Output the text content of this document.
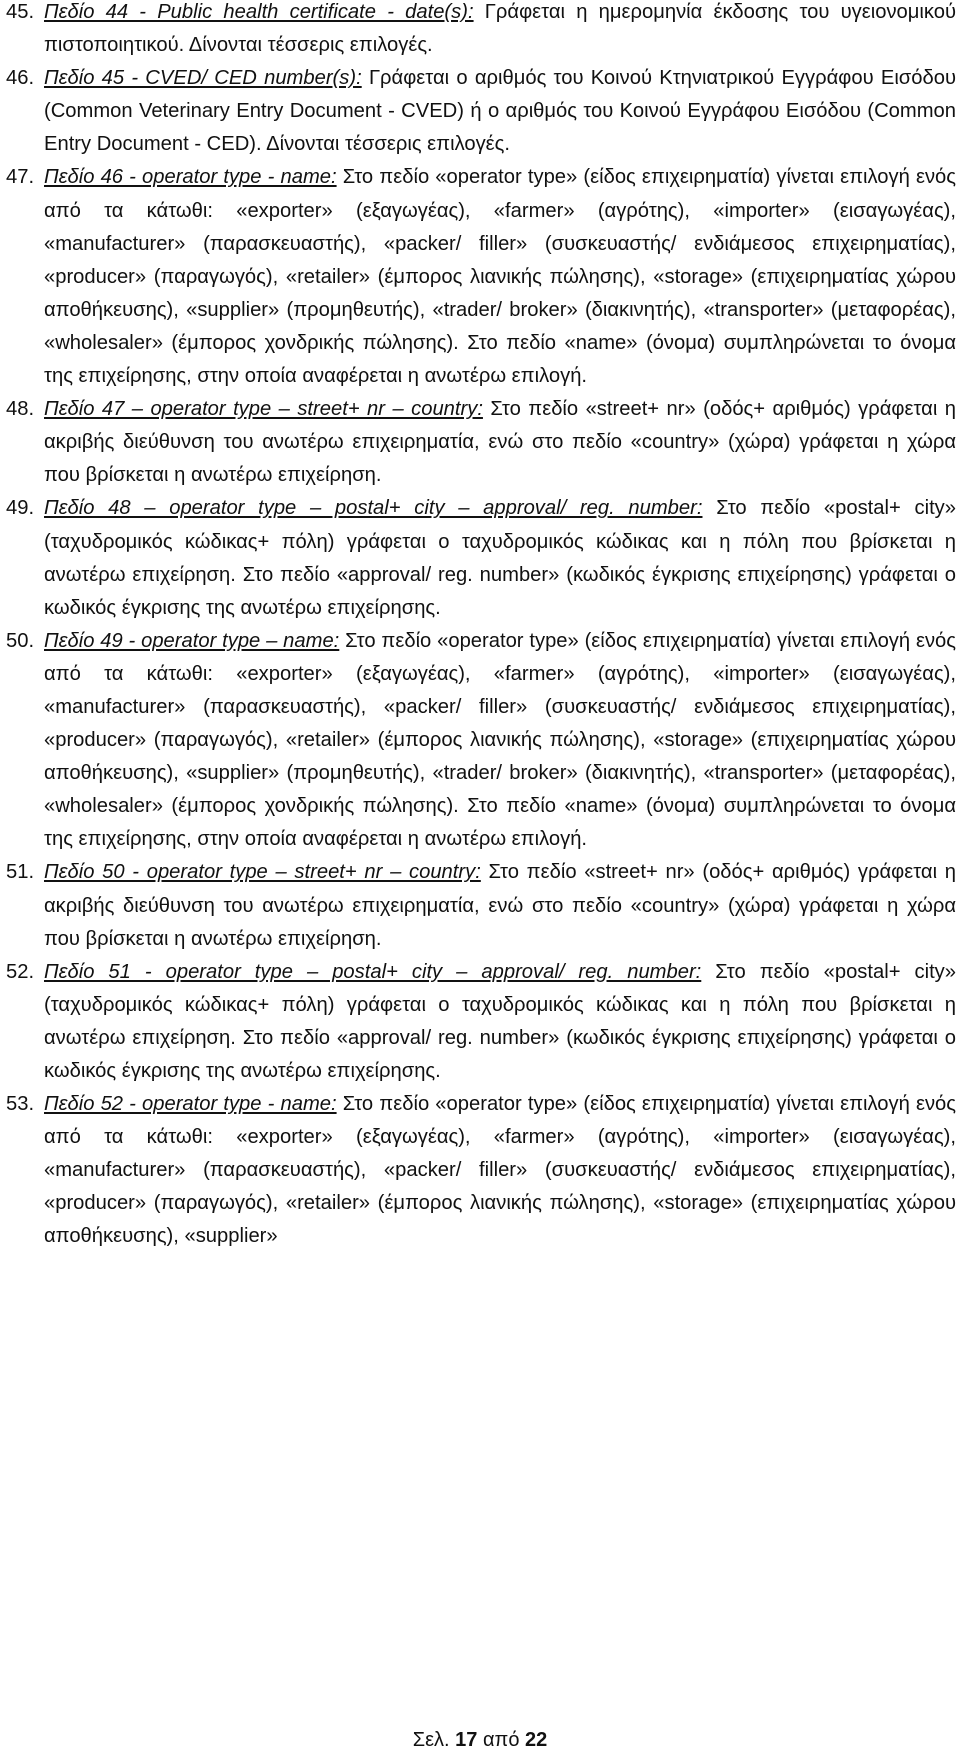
45. Πεδίο 44 - Public health certificate - date(s): Γράφεται η ημερομηνία έκδοσης του υγειονομικού πιστοποιητικού. Δίνονται τέσσερις επιλογές.
46. Πεδίο 45 - CVED/ CED number(s): Γράφεται ο αριθμός του Κοινού Κτηνιατρικού Εγγράφου Εισόδου (Common Veterinary Entry Document - CVED) ή ο αριθμός του Κοινού Εγγράφου Εισόδου (Common Entry Document - CED). Δίνονται τέσσερις επιλογές.
47. Πεδίο 46 - operator type - name: Στο πεδίο «operator type» (είδος επιχειρηματία) γίνεται επιλογή ενός από τα κάτωθι: «exporter» (εξαγωγέας), «farmer» (αγρότης), «importer» (εισαγωγέας), «manufacturer» (παρασκευαστής), «packer/ filler» (συσκευαστής/ ενδιάμεσος επιχειρηματίας), «producer» (παραγωγός), «retailer» (έμπορος λιανικής πώλησης), «storage» (επιχειρηματίας χώρου αποθήκευσης), «supplier» (προμηθευτής), «trader/ broker» (διακινητής), «transporter» (μεταφορέας), «wholesaler» (έμπορος χονδρικής πώλησης). Στο πεδίο «name» (όνομα) συμπληρώνεται το όνομα της επιχείρησης, στην οποία αναφέρεται η ανωτέρω επιλογή.
48. Πεδίο 47 – operator type – street+ nr – country: Στο πεδίο «street+ nr» (οδός+ αριθμός) γράφεται η ακριβής διεύθυνση του ανωτέρω επιχειρηματία, ενώ στο πεδίο «country» (χώρα) γράφεται η χώρα που βρίσκεται η ανωτέρω επιχείρηση.
49. Πεδίο 48 – operator type – postal+ city – approval/ reg. number: Στο πεδίο «postal+ city» (ταχυδρομικός κώδικας+ πόλη) γράφεται ο ταχυδρομικός κώδικας και η πόλη που βρίσκεται η ανωτέρω επιχείρηση. Στο πεδίο «approval/ reg. number» (κωδικός έγκρισης επιχείρησης) γράφεται ο κωδικός έγκρισης της ανωτέρω επιχείρησης.
50. Πεδίο 49 - operator type – name: Στο πεδίο «operator type» (είδος επιχειρηματία) γίνεται επιλογή ενός από τα κάτωθι: «exporter» (εξαγωγέας), «farmer» (αγρότης), «importer» (εισαγωγέας), «manufacturer» (παρασκευαστής), «packer/ filler» (συσκευαστής/ ενδιάμεσος επιχειρηματίας), «producer» (παραγωγός), «retailer» (έμπορος λιανικής πώλησης), «storage» (επιχειρηματίας χώρου αποθήκευσης), «supplier» (προμηθευτής), «trader/ broker» (διακινητής), «transporter» (μεταφορέας), «wholesaler» (έμπορος χονδρικής πώλησης). Στο πεδίο «name» (όνομα) συμπληρώνεται το όνομα της επιχείρησης, στην οποία αναφέρεται η ανωτέρω επιλογή.
51. Πεδίο 50 - operator type – street+ nr – country: Στο πεδίο «street+ nr» (οδός+ αριθμός) γράφεται η ακριβής διεύθυνση του ανωτέρω επιχειρηματία, ενώ στο πεδίο «country» (χώρα) γράφεται η χώρα που βρίσκεται η ανωτέρω επιχείρηση.
52. Πεδίο 51 - operator type – postal+ city – approval/ reg. number: Στο πεδίο «postal+ city» (ταχυδρομικός κώδικας+ πόλη) γράφεται ο ταχυδρομικός κώδικας και η πόλη που βρίσκεται η ανωτέρω επιχείρηση. Στο πεδίο «approval/ reg. number» (κωδικός έγκρισης επιχείρησης) γράφεται ο κωδικός έγκρισης της ανωτέρω επιχείρησης.
53. Πεδίο 52 - operator type - name: Στο πεδίο «operator type» (είδος επιχειρηματία) γίνεται επιλογή ενός από τα κάτωθι: «exporter» (εξαγωγέας), «farmer» (αγρότης), «importer» (εισαγωγέας), «manufacturer» (παρασκευαστής), «packer/ filler» (συσκευαστής/ ενδιάμεσος επιχειρηματίας), «producer» (παραγωγός), «retailer» (έμπορος λιανικής πώλησης), «storage» (επιχειρηματίας χώρου αποθήκευσης), «supplier»
Σελ. 17 από 22
